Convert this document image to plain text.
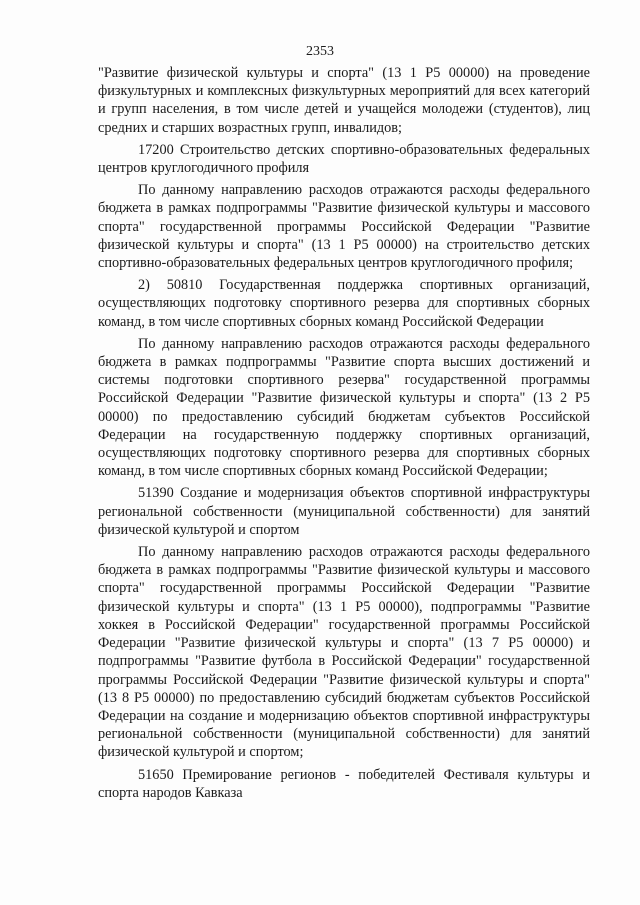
2353

"Развитие физической культуры и спорта" (13 1 P5 00000) на проведение физкультурных и комплексных физкультурных мероприятий для всех категорий и групп населения, в том числе детей и учащейся молодежи (студентов), лиц средних и старших возрастных групп, инвалидов;

17200 Строительство детских спортивно-образовательных федеральных центров круглогодичного профиля

По данному направлению расходов отражаются расходы федерального бюджета в рамках подпрограммы "Развитие физической культуры и массового спорта" государственной программы Российской Федерации "Развитие физической культуры и спорта" (13 1 P5 00000) на строительство детских спортивно-образовательных федеральных центров круглогодичного профиля;

2) 50810 Государственная поддержка спортивных организаций, осуществляющих подготовку спортивного резерва для спортивных сборных команд, в том числе спортивных сборных команд Российской Федерации

По данному направлению расходов отражаются расходы федерального бюджета в рамках подпрограммы "Развитие спорта высших достижений и системы подготовки спортивного резерва" государственной программы Российской Федерации "Развитие физической культуры и спорта" (13 2 P5 00000) по предоставлению субсидий бюджетам субъектов Российской Федерации на государственную поддержку спортивных организаций, осуществляющих подготовку спортивного резерва для спортивных сборных команд, в том числе спортивных сборных команд Российской Федерации;

51390 Создание и модернизация объектов спортивной инфраструктуры региональной собственности (муниципальной собственности) для занятий физической культурой и спортом

По данному направлению расходов отражаются расходы федерального бюджета в рамках подпрограммы "Развитие физической культуры и массового спорта" государственной программы Российской Федерации "Развитие физической культуры и спорта" (13 1 P5 00000), подпрограммы "Развитие хоккея в Российской Федерации" государственной программы Российской Федерации "Развитие физической культуры и спорта" (13 7 P5 00000) и подпрограммы "Развитие футбола в Российской Федерации" государственной программы Российской Федерации "Развитие физической культуры и спорта" (13 8 P5 00000) по предоставлению субсидий бюджетам субъектов Российской Федерации на создание и модернизацию объектов спортивной инфраструктуры региональной собственности (муниципальной собственности) для занятий физической культурой и спортом;

51650 Премирование регионов - победителей Фестиваля культуры и спорта народов Кавказа
